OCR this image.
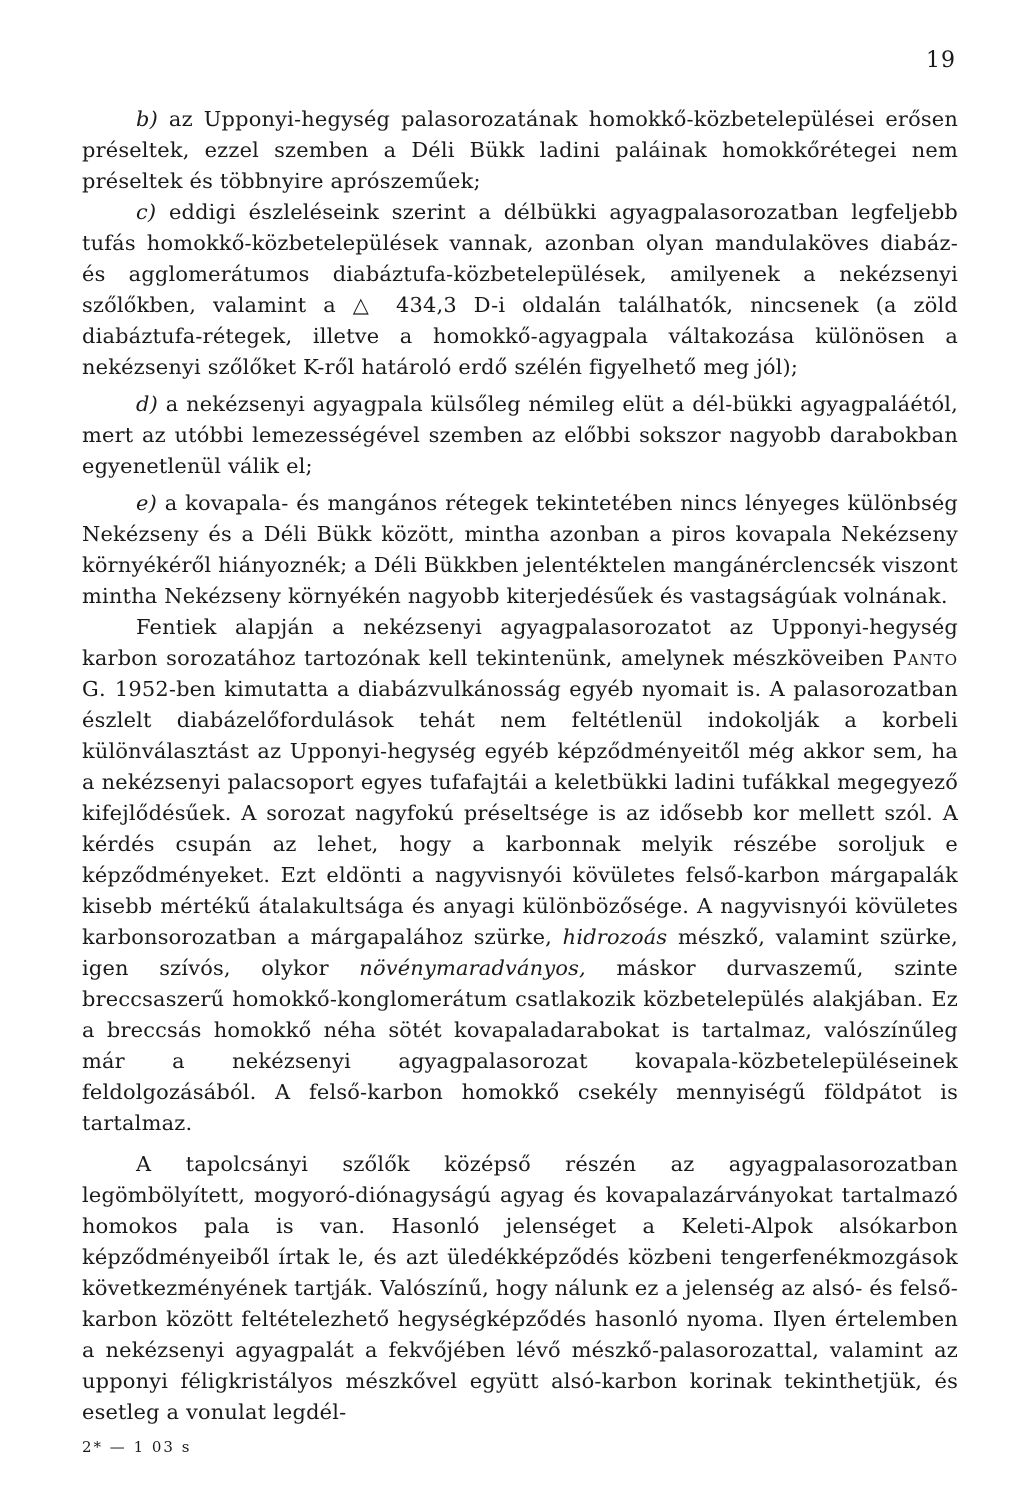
19

b) az Upponyi-hegység palasorozatának homokkő-közbetelepülései erősen préseltek, ezzel szemben a Déli Bükk ladini paláinak homokkőrétegei nem préseltek és többnyire aprószeműek;

c) eddigi észleléseink szerint a délbükki agyagpalasorozatban legfeljebb tufás homokkő-közbetelepülések vannak, azonban olyan mandulaköves diabáz- és agglomerátumos diabáztufa-közbetelepülések, amilyenek a nekézsenyi szőlőkben, valamint a △ 434,3 D-i oldalán találhatók, nincsenek (a zöld diabáztufa-rétegek, illetve a homokkő-agyagpala váltakozása különösen a nekézsenyi szőlőket K-ről határoló erdő szélén figyelhető meg jól);

d) a nekézsenyi agyagpala külsőleg némileg elüt a dél-bükki agyagpaláétól, mert az utóbbi lemezességével szemben az előbbi sokszor nagyobb darabokban egyenetlenül válik el;

e) a kovapala- és mangános rétegek tekintetében nincs lényeges különbség Nekézseny és a Déli Bükk között, mintha azonban a piros kovapala Nekézseny környékéről hiányoznék; a Déli Bükkben jelentéktelen mangánérclencsék viszont mintha Nekézseny környékén nagyobb kiterjedésűek és vastagságúak volnának.

Fentiek alapján a nekézsenyi agyagpalasorozatot az Upponyi-hegység karbon sorozatához tartozónak kell tekintenünk, amelynek mészköveiben Panto G. 1952-ben kimutatta a diabázvulkánosság egyéb nyomait is. A palasorozatban észlelt diabázelőfordulások tehát nem feltétlenül indokolják a korbeli különválasztást az Upponyi-hegység egyéb képződményeitől még akkor sem, ha a nekézsenyi palacsoport egyes tufafajtái a keletbükki ladini tufákkal megegyező kifejlődésűek. A sorozat nagyfokú préseltsége is az idősebb kor mellett szól. A kérdés csupán az lehet, hogy a karbonnak melyik részébe soroljuk e képződményeket. Ezt eldönti a nagyvisnyói kövületes felső-karbon márgapalák kisebb mértékű átalakultsága és anyagi különbözősége. A nagyvisnyói kövületes karbonsorozatban a márgapalához szürke, hidrozoás mészkő, valamint szürke, igen szívós, olykor növénymaradványos, máskor durvaszemű, szinte breccsaszerű homokkő-konglomerátum csatlakozik közbetelepülés alakjában. Ez a breccsás homokkő néha sötét kovapaladarabokat is tartalmaz, valószínűleg már a nekézsenyi agyagpalasorozat kovapala-közbetelepüléseinek feldolgozásából. A felső-karbon homokkő csekély mennyiségű földpátot is tartalmaz.

A tapolcsányi szőlők középső részén az agyagpalasorozatban legömbölyített, mogyoró-diónagyságú agyag és kovapalazárványokat tartalmazó homokos pala is van. Hasonló jelenséget a Keleti-Alpok alsókarbon képződményeiből írtak le, és azt üledékképződés közbeni tengerfenékmozgások következményének tartják. Valószínű, hogy nálunk ez a jelenség az alsó- és felső-karbon között feltételezhető hegységképződés hasonló nyoma. Ilyen értelemben a nekézsenyi agyagpalát a fekvőjében lévő mészkő-palasorozattal, valamint az upponyi féligkristályos mészkővel együtt alsó-karbon korinak tekinthetjük, és esetleg a vonulat legdél-

2* — 1 03 s
